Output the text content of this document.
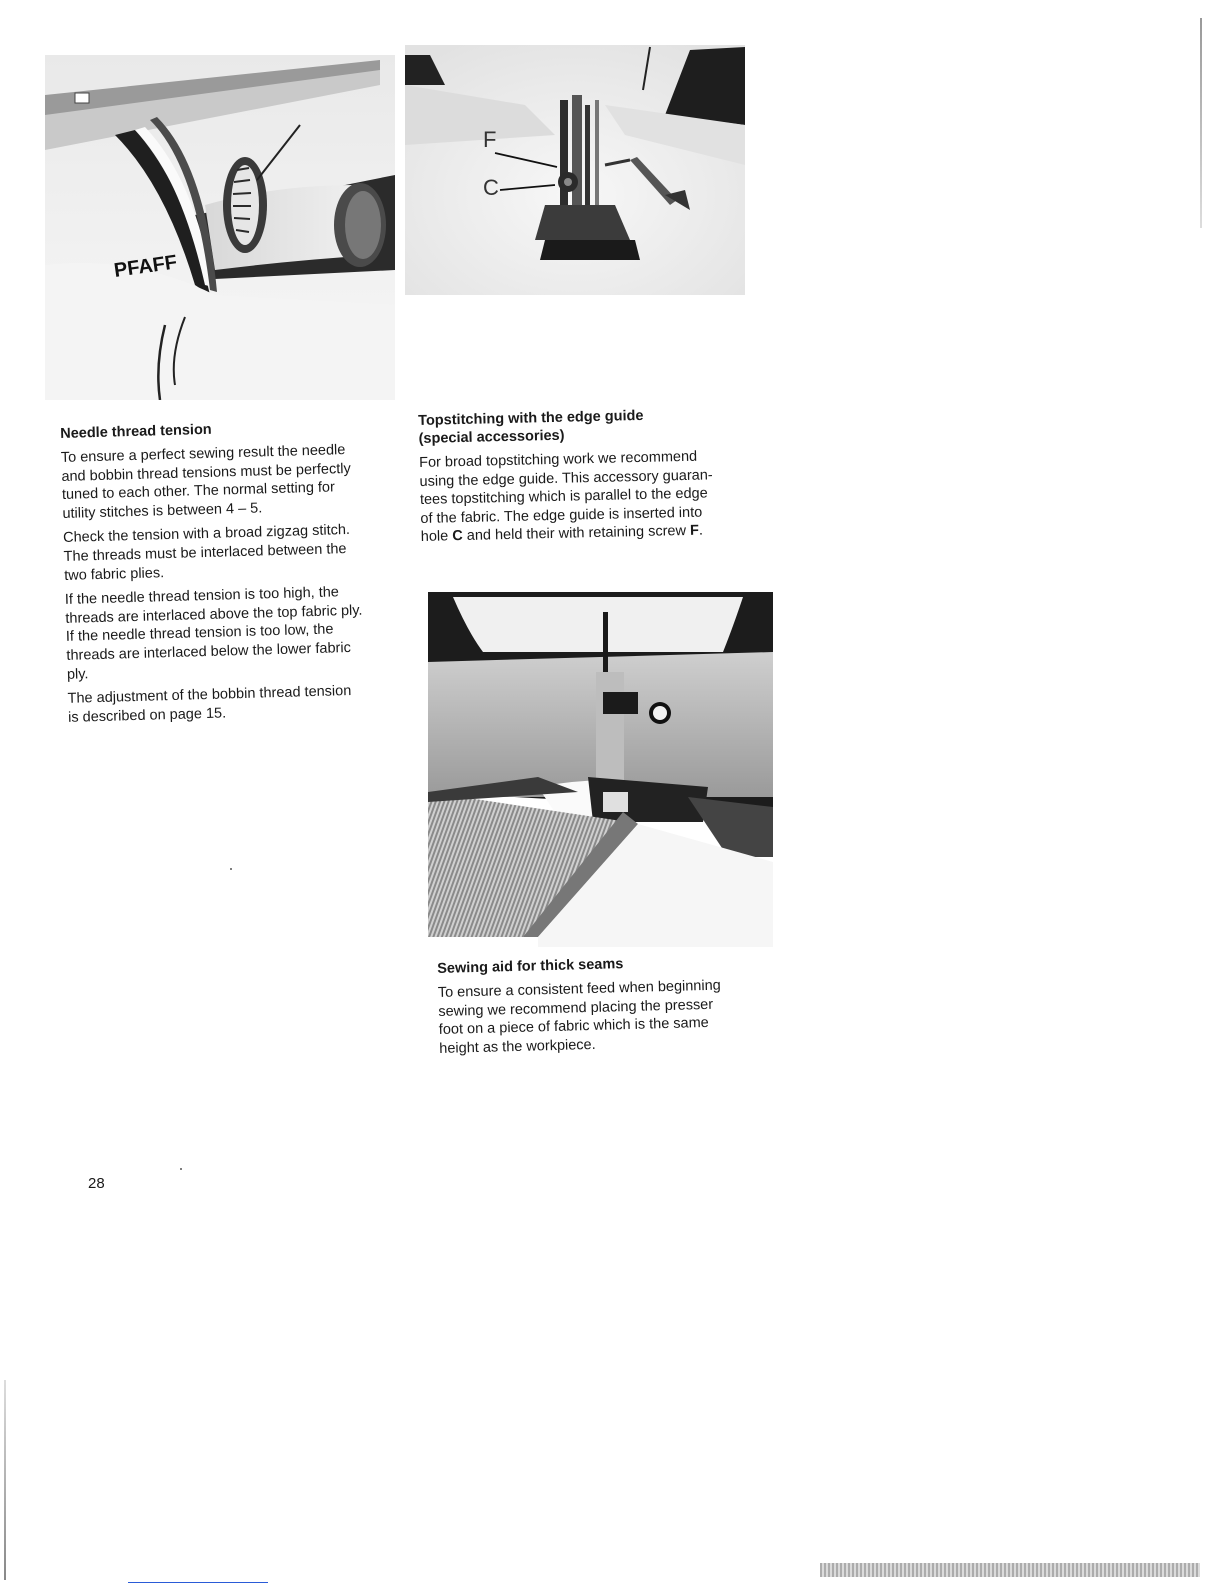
PFAFF
F
C

Needle thread tension

To ensure a perfect sewing result the needle
and bobbin thread tensions must be perfectly
tuned to each other. The normal setting for
utility stitches is between 4 – 5.

Check the tension with a broad zigzag stitch.
The threads must be interlaced between the
two fabric plies.

If the needle thread tension is too high, the
threads are interlaced above the top fabric ply.
If the needle thread tension is too low, the
threads are interlaced below the lower fabric
ply.

The adjustment of the bobbin thread tension
is described on page 15.

Topstitching with the edge guide
(special accessories)

For broad topstitching work we recommend
using the edge guide. This accessory guaran-
tees topstitching which is parallel to the edge
of the fabric. The edge guide is inserted into
hole C and held their with retaining screw F.

Sewing aid for thick seams

To ensure a consistent feed when beginning
sewing we recommend placing the presser
foot on a piece of fabric which is the same
height as the workpiece.

28
